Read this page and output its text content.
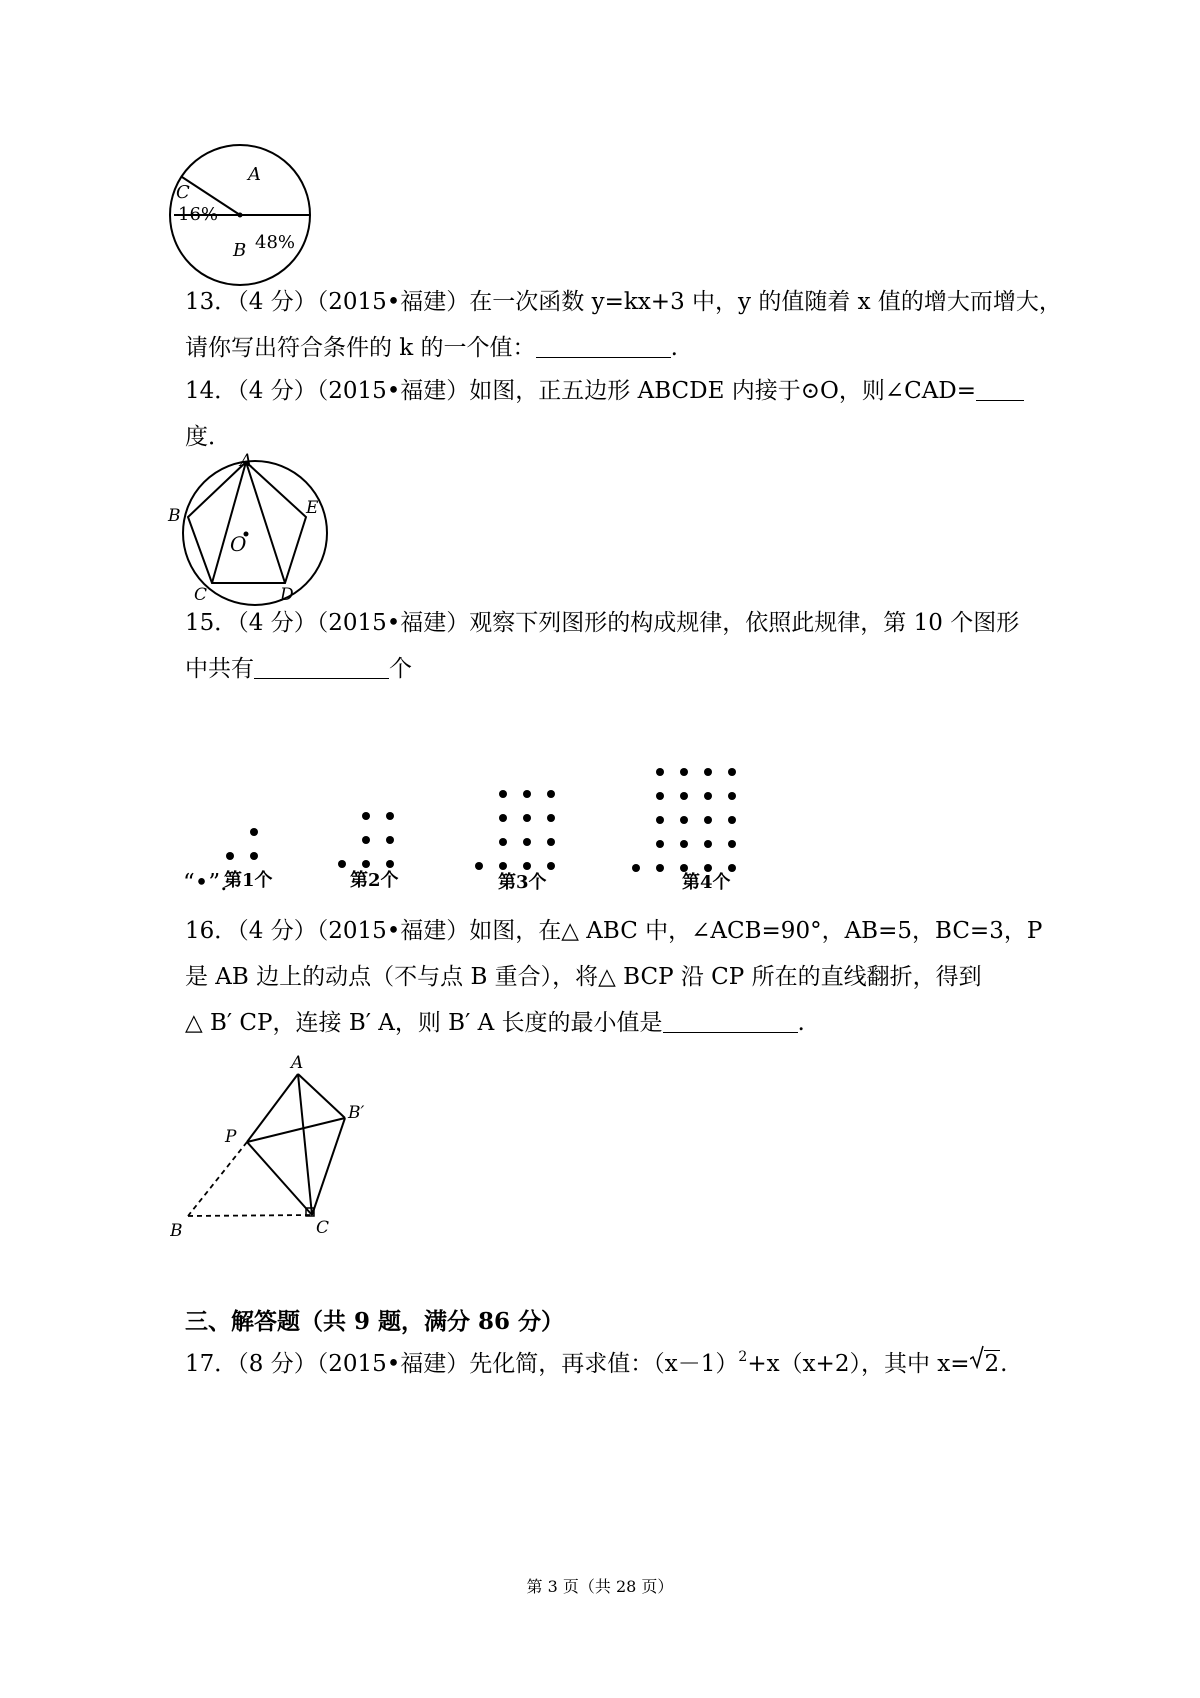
A
C
16%
B 48%
13．（4 分）（2015•福建）在一次函数 y=kx+3 中，y 的值随着 x 值的增大而增大，
请你写出符合条件的 k 的一个值：	.
14．（4 分）（2015•福建）如图，正五边形 ABCDE 内接于⊙O，则∠CAD=
度．
A
B	E
O
C	D
15．（4 分）（2015•福建）观察下列图形的构成规律，依照此规律，第 10 个图形
中共有	个
“•”.
第1个	第2个	第3个	第4个
16．（4 分）（2015•福建）如图，在△ ABC 中，∠ACB=90°，AB=5，BC=3，P
是 AB 边上的动点（不与点 B 重合），将△ BCP 沿 CP 所在的直线翻折，得到
△ B′ CP，连接 B′ A，则 B′ A 长度的最小值是	.
A
B′
P
B	C
三、解答题（共 9 题，满分 86 分）
17．（8 分）（2015•福建）先化简，再求值：$(x-1)^2+x(x+2)$，其中 x= 2.
第 3 页（共 28 页）
